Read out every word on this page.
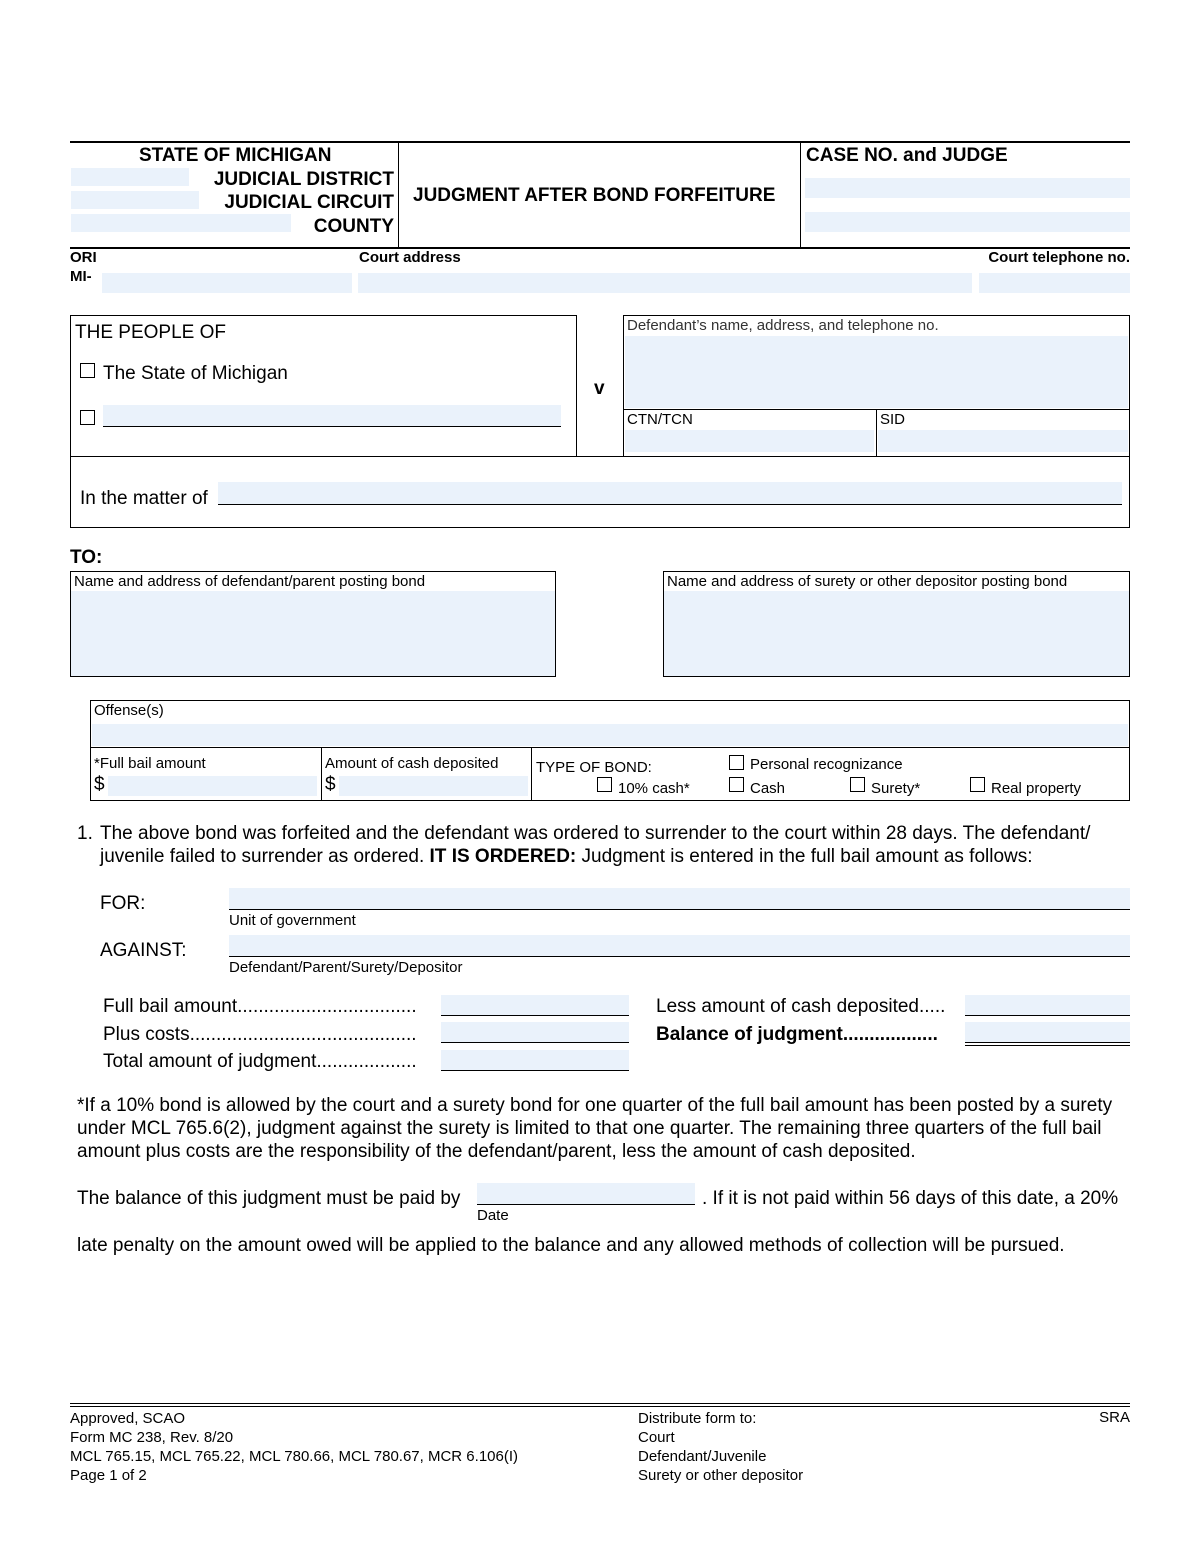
STATE OF MICHIGAN
JUDICIAL DISTRICT
JUDICIAL CIRCUIT
COUNTY
JUDGMENT AFTER BOND FORFEITURE
CASE NO. and JUDGE
ORI
MI-
Court address	Court telephone no.
THE PEOPLE OF
The State of Michigan
v
Defendant’s name, address, and telephone no.
CTN/TCN	SID
In the matter of
TO:
Name and address of defendant/parent posting bond	Name and address of surety or other depositor posting bond
Offense(s)
*Full bail amount
$
Amount of cash deposited
$
TYPE OF BOND:	Personal recognizance
10% cash*	Cash	Surety*	Real property
1. The above bond was forfeited and the defendant was ordered to surrender to the court within 28 days. The defendant/
juvenile failed to surrender as ordered. IT IS ORDERED: Judgment is entered in the full bail amount as follows:
FOR:
Unit of government
AGAINST:
Defendant/Parent/Surety/Depositor
Full bail amount..................................
Plus costs...........................................
Total amount of judgment...................
Less amount of cash deposited.....
Balance of judgment..................
*If a 10% bond is allowed by the court and a surety bond for one quarter of the full bail amount has been posted by a surety
under MCL 765.6(2), judgment against the surety is limited to that one quarter. The remaining three quarters of the full bail
amount plus costs are the responsibility of the defendant/parent, less the amount of cash deposited.
The balance of this judgment must be paid by
Date
. If it is not paid within 56 days of this date, a 20%
late penalty on the amount owed will be applied to the balance and any allowed methods of collection will be pursued.
Approved, SCAO
Form MC 238, Rev. 8/20
MCL 765.15, MCL 765.22, MCL 780.66, MCL 780.67, MCR 6.106(I)
Page 1 of 2
Distribute form to:
Court
Defendant/Juvenile
Surety or other depositor
SRA
